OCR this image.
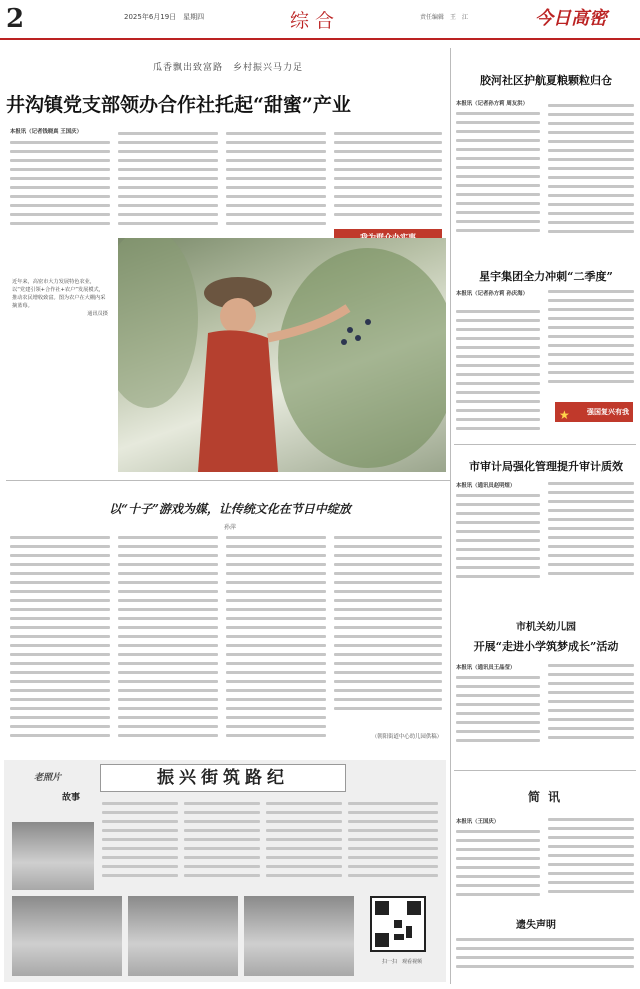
2	2025年6月19日　星期四	综合	责任编辑　王　江	今日高密
瓜香飘出致富路　乡村振兴马力足
井沟镇党支部领办合作社托起“甜蜜”产业
本报讯（记者钱晓真 王国庆）
近年来，高密市大力发展特色农业，以“党建引领+合作社+农户”发展模式，推动农民增收致富。图为农户在大棚内采摘蓝莓。
通讯员摄
以“十子”游戏为媒，让传统文化在节日中绽放
孙萍
（朝阳街道中心幼儿园供稿）
胶河社区护航夏粮颗粒归仓
本报讯（记者孙方莉 周友洪）
星宇集团全力冲刺“二季度”
本报讯（记者孙方莉 孙庆海）
★ 强国复兴有我
市审计局强化管理提升审计质效
本报讯（通讯员赵明煜）
市机关幼儿园
开展“走进小学筑梦成长”活动
本报讯（通讯员王晶莹）
简讯
本报讯（王国庆）
遗失声明
老照片
故事
振兴街筑路纪
扫一扫　观看视频
